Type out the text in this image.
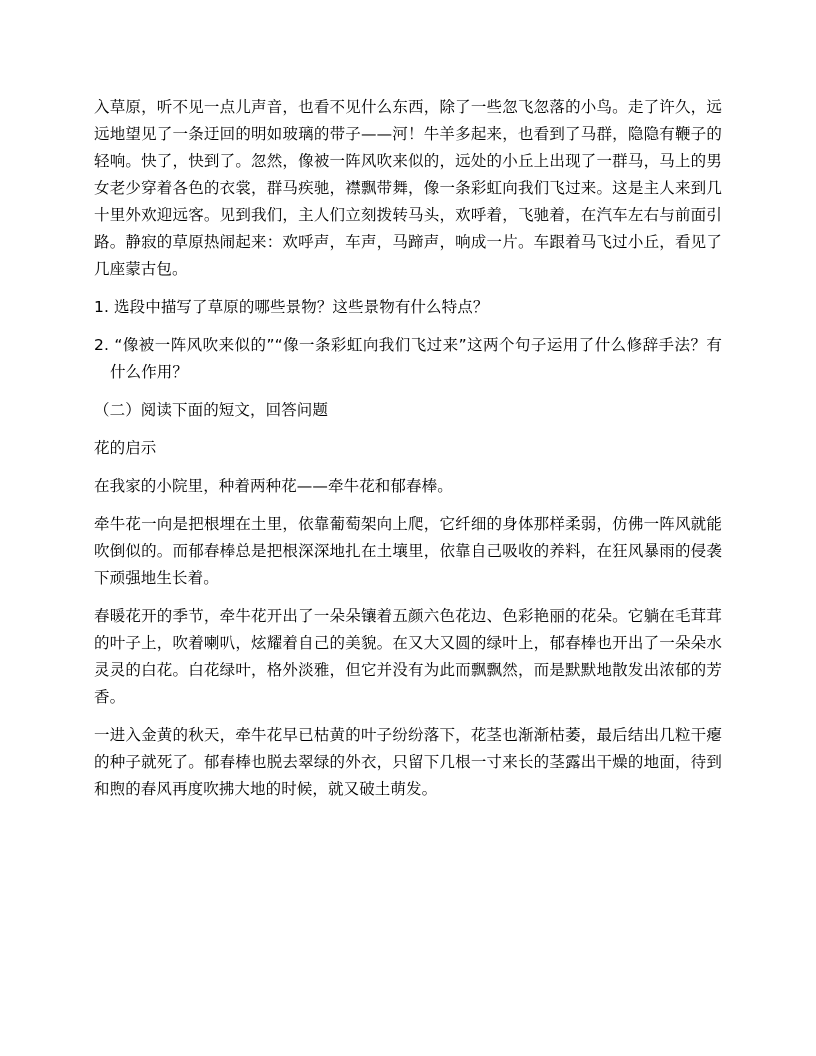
入草原，听不见一点儿声音，也看不见什么东西，除了一些忽飞忽落的小鸟。走了许久，远远地望见了一条迂回的明如玻璃的带子——河！牛羊多起来，也看到了马群，隐隐有鞭子的轻响。快了，快到了。忽然，像被一阵风吹来似的，远处的小丘上出现了一群马，马上的男女老少穿着各色的衣裳，群马疾驰，襟飘带舞，像一条彩虹向我们飞过来。这是主人来到几十里外欢迎远客。见到我们，主人们立刻拨转马头，欢呼着，飞驰着，在汽车左右与前面引路。静寂的草原热闹起来：欢呼声，车声，马蹄声，响成一片。车跟着马飞过小丘，看见了几座蒙古包。

1. 选段中描写了草原的哪些景物？这些景物有什么特点？

2. “像被一阵风吹来似的”“像一条彩虹向我们飞过来”这两个句子运用了什么修辞手法？有什么作用？

（二）阅读下面的短文，回答问题

花的启示

在我家的小院里，种着两种花——牵牛花和郁春棒。

牵牛花一向是把根埋在土里，依靠葡萄架向上爬，它纤细的身体那样柔弱，仿佛一阵风就能吹倒似的。而郁春棒总是把根深深地扎在土壤里，依靠自己吸收的养料，在狂风暴雨的侵袭下顽强地生长着。

春暖花开的季节，牵牛花开出了一朵朵镶着五颜六色花边、色彩艳丽的花朵。它躺在毛茸茸的叶子上，吹着喇叭，炫耀着自己的美貌。在又大又圆的绿叶上，郁春棒也开出了一朵朵水灵灵的白花。白花绿叶，格外淡雅，但它并没有为此而飘飘然，而是默默地散发出浓郁的芳香。

一进入金黄的秋天，牵牛花早已枯黄的叶子纷纷落下，花茎也渐渐枯萎，最后结出几粒干瘪的种子就死了。郁春棒也脱去翠绿的外衣，只留下几根一寸来长的茎露出干燥的地面，待到和煦的春风再度吹拂大地的时候，就又破土萌发。
